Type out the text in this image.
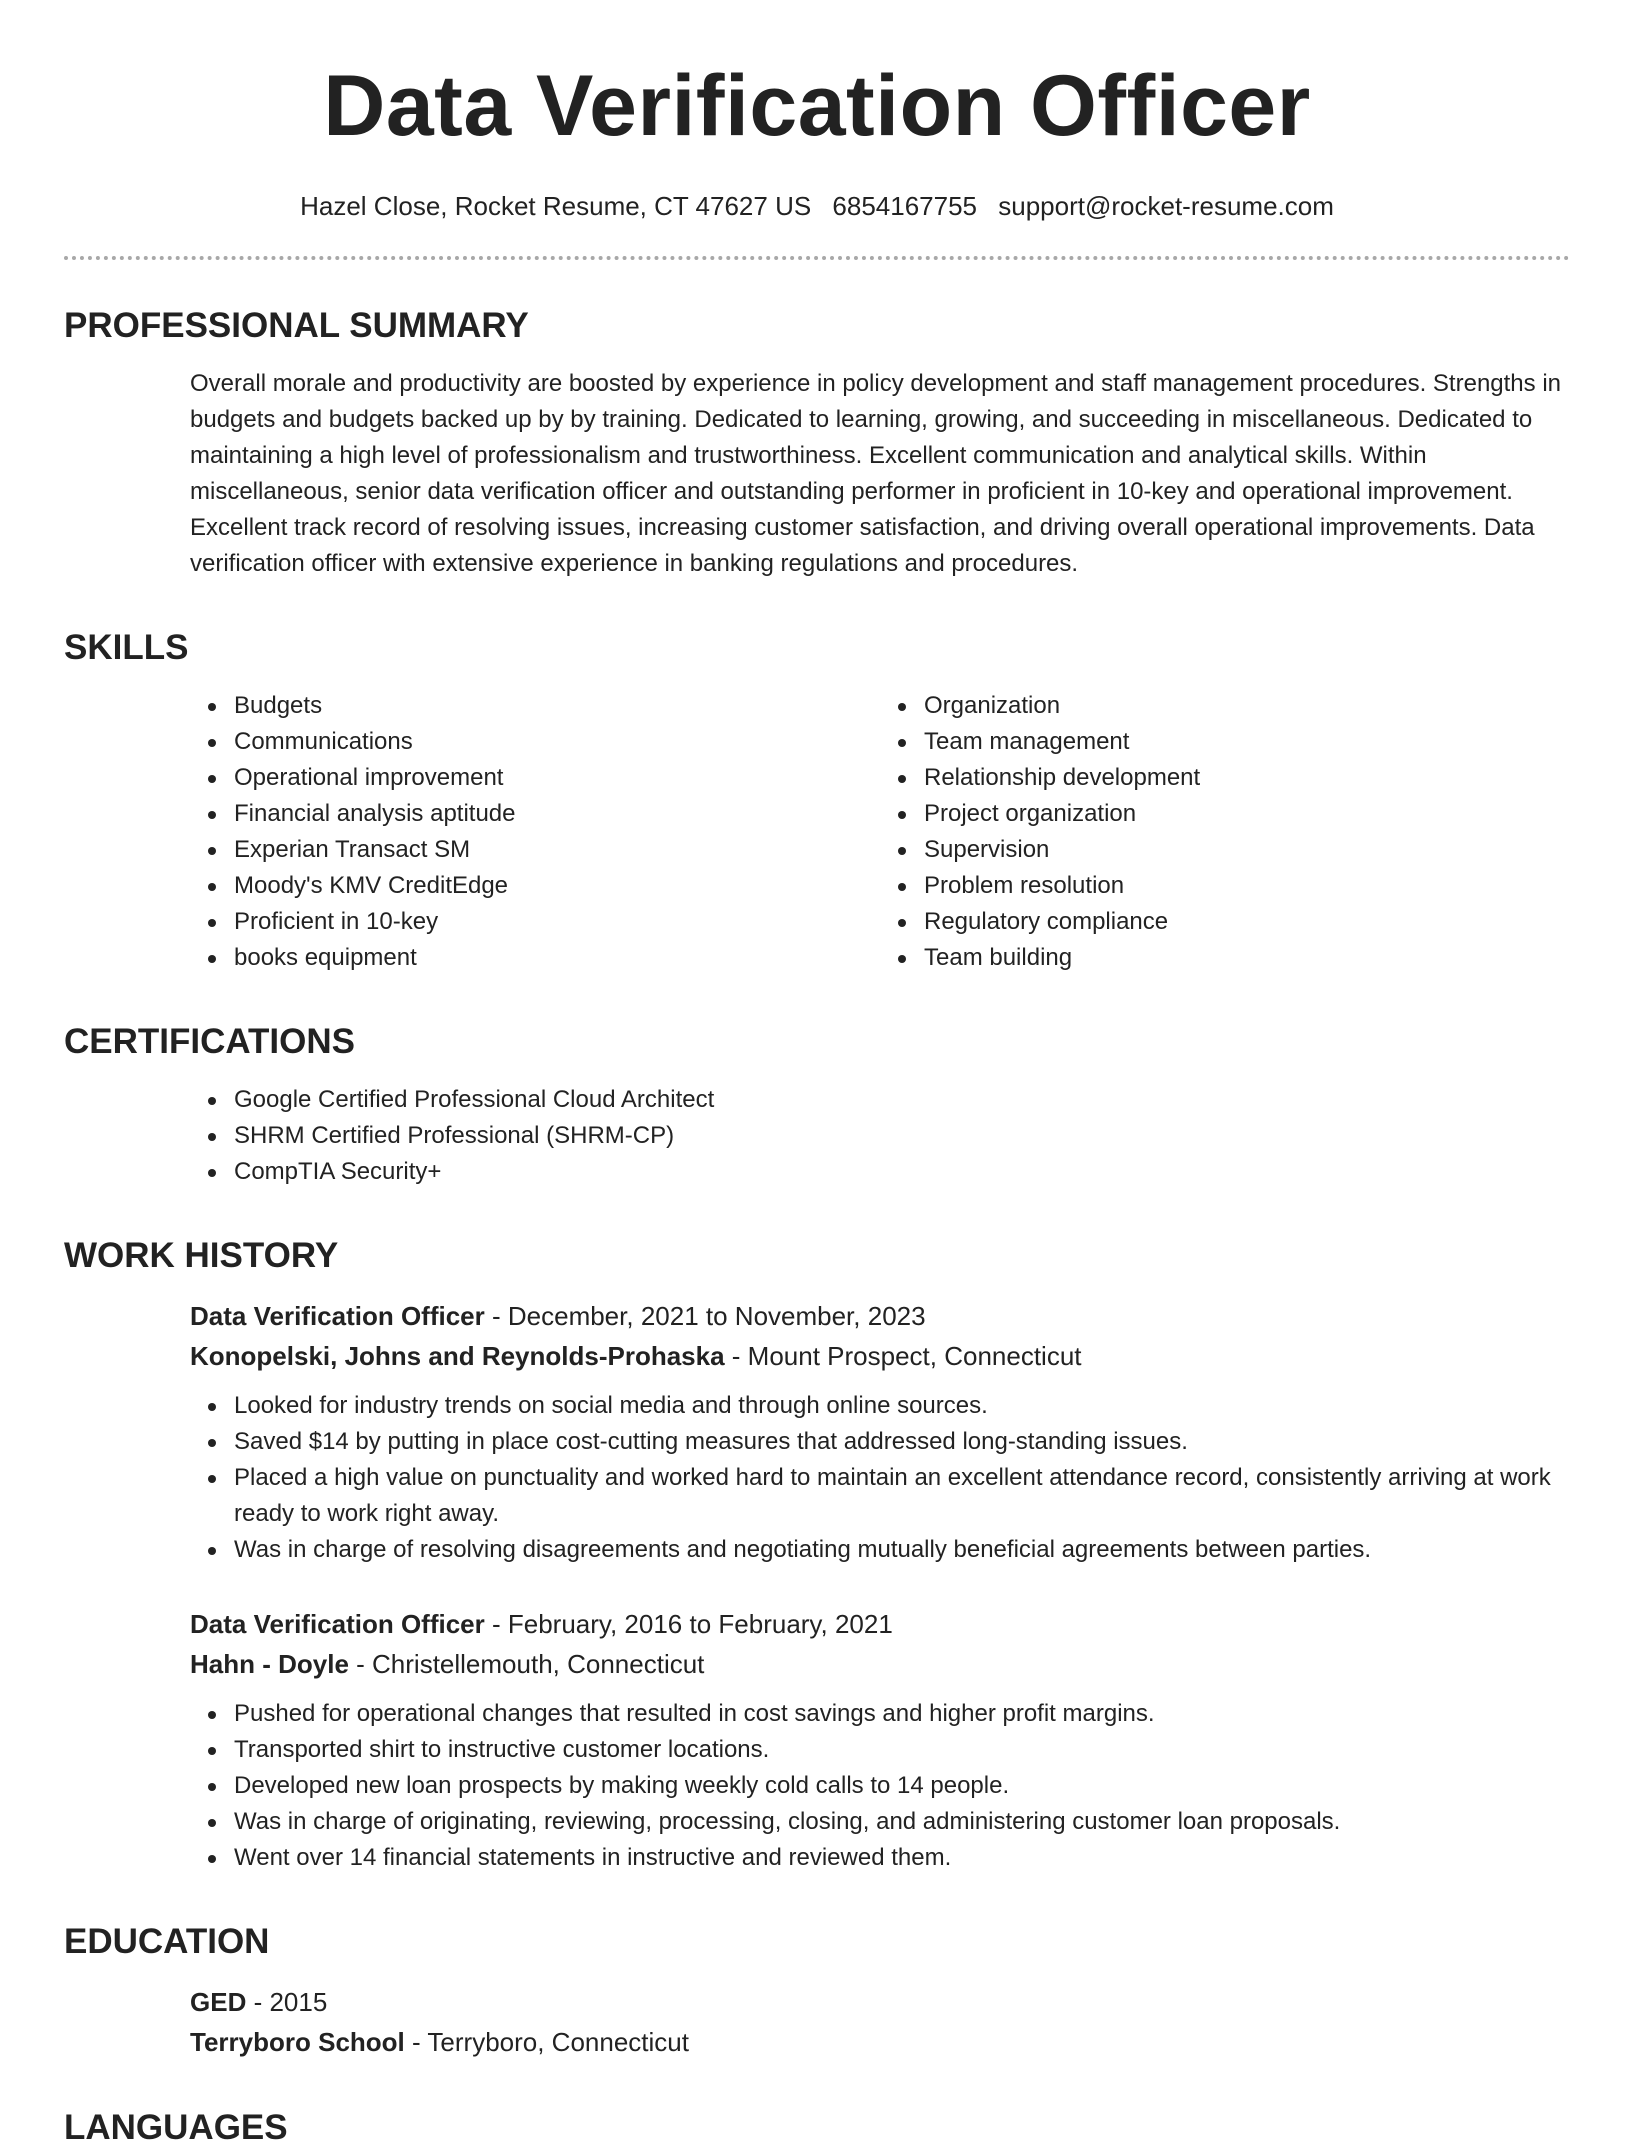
Data Verification Officer
Hazel Close, Rocket Resume, CT 47627 US 6854167755 support@rocket-resume.com
PROFESSIONAL SUMMARY
Overall morale and productivity are boosted by experience in policy development and staff management procedures. Strengths in budgets and budgets backed up by by training. Dedicated to learning, growing, and succeeding in miscellaneous. Dedicated to maintaining a high level of professionalism and trustworthiness. Excellent communication and analytical skills. Within miscellaneous, senior data verification officer and outstanding performer in proficient in 10-key and operational improvement. Excellent track record of resolving issues, increasing customer satisfaction, and driving overall operational improvements. Data verification officer with extensive experience in banking regulations and procedures.
SKILLS
Budgets
Communications
Operational improvement
Financial analysis aptitude
Experian Transact SM
Moody's KMV CreditEdge
Proficient in 10-key
books equipment
Organization
Team management
Relationship development
Project organization
Supervision
Problem resolution
Regulatory compliance
Team building
CERTIFICATIONS
Google Certified Professional Cloud Architect
SHRM Certified Professional (SHRM-CP)
CompTIA Security+
WORK HISTORY
Data Verification Officer - December, 2021 to November, 2023
Konopelski, Johns and Reynolds-Prohaska - Mount Prospect, Connecticut
Looked for industry trends on social media and through online sources.
Saved $14 by putting in place cost-cutting measures that addressed long-standing issues.
Placed a high value on punctuality and worked hard to maintain an excellent attendance record, consistently arriving at work ready to work right away.
Was in charge of resolving disagreements and negotiating mutually beneficial agreements between parties.
Data Verification Officer - February, 2016 to February, 2021
Hahn - Doyle - Christellemouth, Connecticut
Pushed for operational changes that resulted in cost savings and higher profit margins.
Transported shirt to instructive customer locations.
Developed new loan prospects by making weekly cold calls to 14 people.
Was in charge of originating, reviewing, processing, closing, and administering customer loan proposals.
Went over 14 financial statements in instructive and reviewed them.
EDUCATION
GED - 2015
Terryboro School - Terryboro, Connecticut
LANGUAGES
